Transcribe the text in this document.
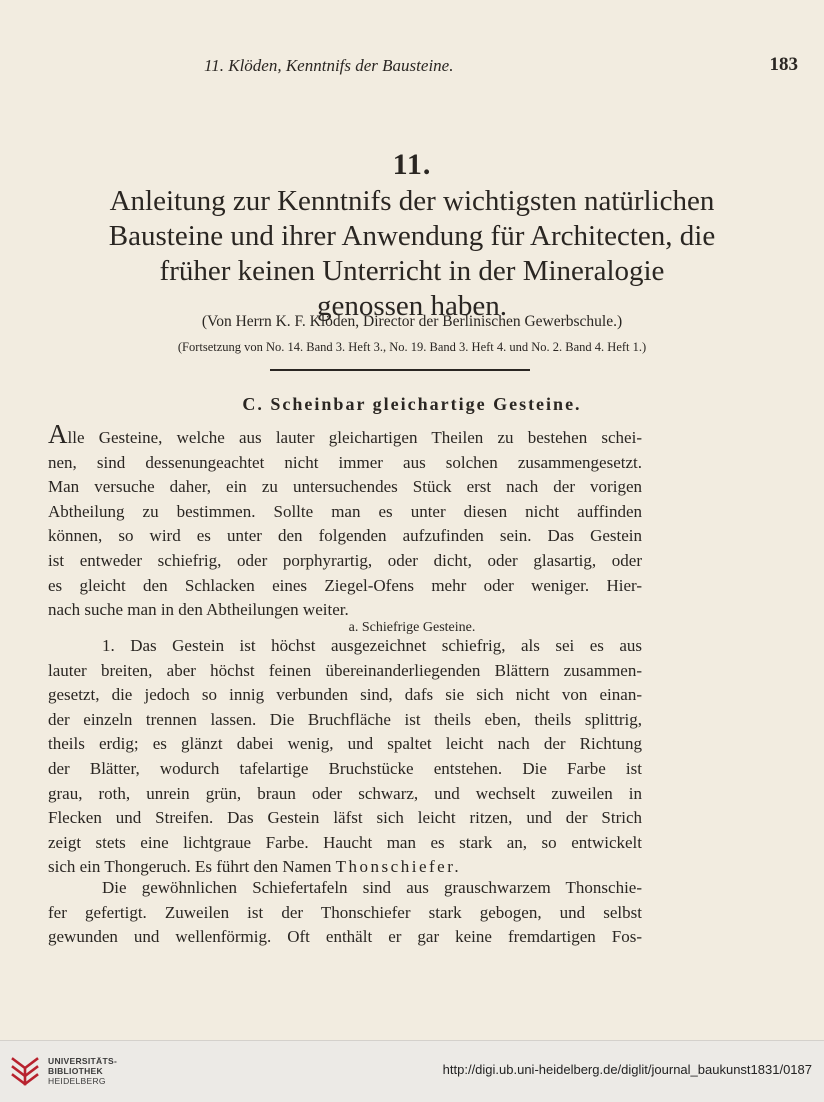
11. Klöden, Kenntnifs der Bausteine.	183
11.
Anleitung zur Kenntnifs der wichtigsten natürlichen
Bausteine und ihrer Anwendung für Architecten, die
früher keinen Unterricht in der Mineralogie
genossen haben.
(Von Herrn K. F. Klöden, Director der Berlinischen Gewerbschule.)
(Fortsetzung von No. 14. Band 3. Heft 3., No. 19. Band 3. Heft 4. und No. 2. Band 4. Heft 1.)
C. Scheinbar gleichartige Gesteine.
Alle Gesteine, welche aus lauter gleichartigen Theilen zu bestehen schei-
nen, sind dessenungeachtet nicht immer aus solchen zusammengesetzt.
Man versuche daher, ein zu untersuchendes Stück erst nach der vorigen
Abtheilung zu bestimmen. Sollte man es unter diesen nicht auffinden
können, so wird es unter den folgenden aufzufinden sein. Das Gestein
ist entweder schiefrig, oder porphyrartig, oder dicht, oder glasartig, oder
es gleicht den Schlacken eines Ziegel-Ofens mehr oder weniger. Hier-
nach suche man in den Abtheilungen weiter.
a. Schiefrige Gesteine.
1. Das Gestein ist höchst ausgezeichnet schiefrig, als sei es aus
lauter breiten, aber höchst feinen übereinanderliegenden Blättern zusammen-
gesetzt, die jedoch so innig verbunden sind, dafs sie sich nicht von einan-
der einzeln trennen lassen. Die Bruchfläche ist theils eben, theils splittrig,
theils erdig; es glänzt dabei wenig, und spaltet leicht nach der Richtung
der Blätter, wodurch tafelartige Bruchstücke entstehen. Die Farbe ist
grau, roth, unrein grün, braun oder schwarz, und wechselt zuweilen in
Flecken und Streifen. Das Gestein läfst sich leicht ritzen, und der Strich
zeigt stets eine lichtgraue Farbe. Haucht man es stark an, so entwickelt
sich ein Thongeruch. Es führt den Namen Thonschiefer.
Die gewöhnlichen Schiefertafeln sind aus grauschwarzem Thonschie-
fer gefertigt. Zuweilen ist der Thonschiefer stark gebogen, und selbst
gewunden und wellenförmig. Oft enthält er gar keine fremdartigen Fos-
UNIVERSITÄTS-
BIBLIOTHEK
HEIDELBERG
http://digi.ub.uni-heidelberg.de/diglit/journal_baukunst1831/0187
